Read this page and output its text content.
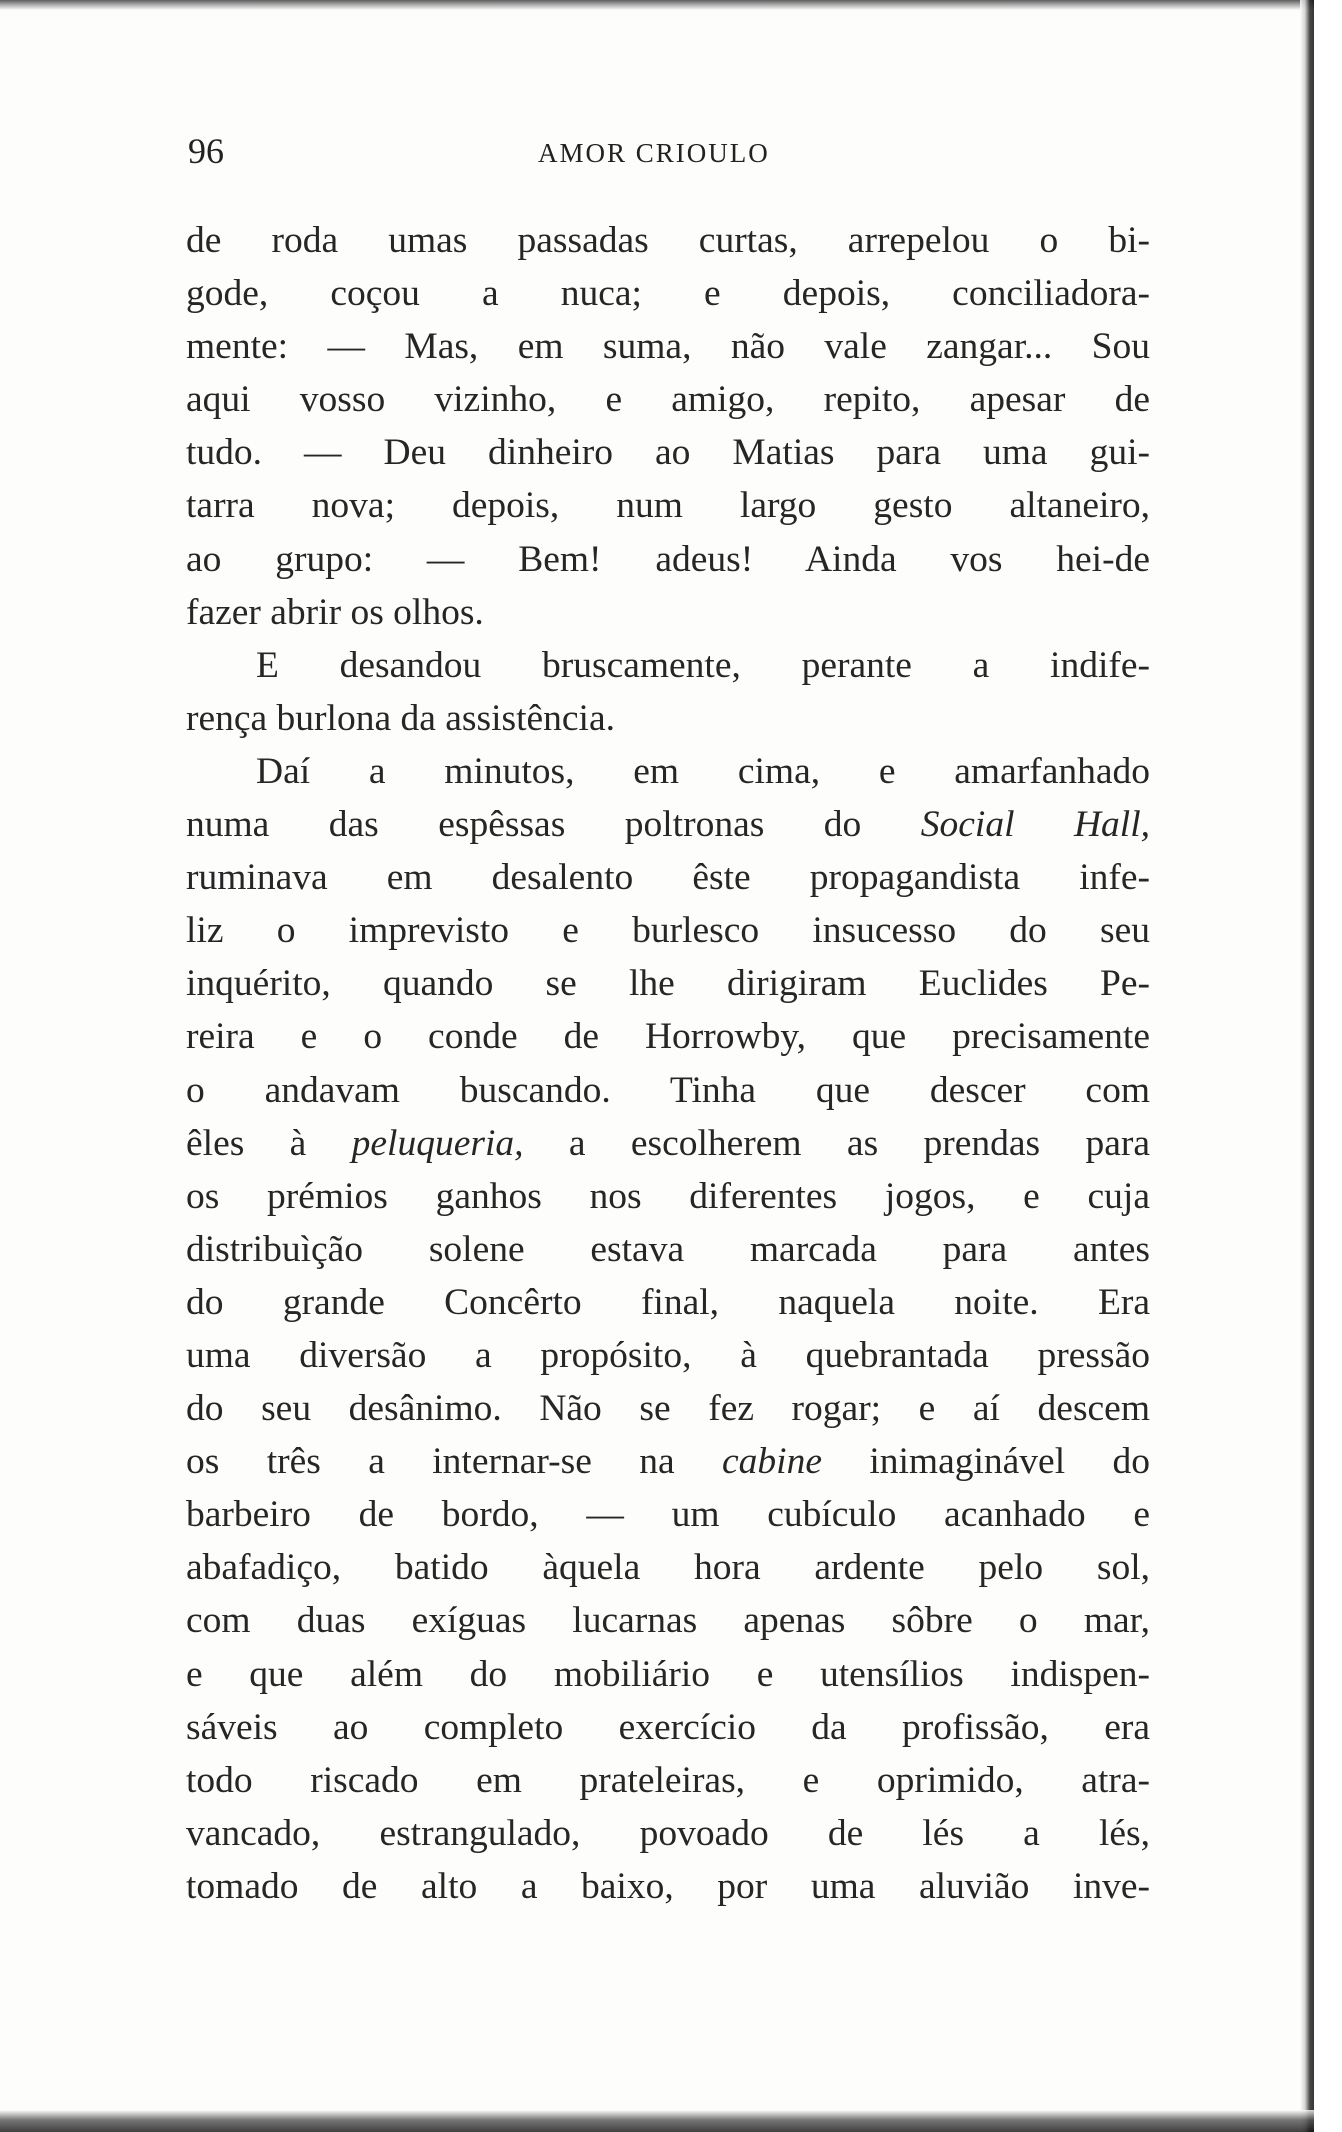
96	AMOR CRIOULO

de roda umas passadas curtas, arrepelou o bi-
gode, coçou a nuca; e depois, conciliadora-
mente: — Mas, em suma, não vale zangar... Sou
aqui vosso vizinho, e amigo, repito, apesar de
tudo. — Deu dinheiro ao Matias para uma gui-
tarra nova; depois, num largo gesto altaneiro,
ao grupo: — Bem! adeus! Ainda vos hei-de
fazer abrir os olhos.

E desandou bruscamente, perante a indife-
rença burlona da assistência.

Daí a minutos, em cima, e amarfanhado
numa das espêssas poltronas do Social Hall,
ruminava em desalento êste propagandista infe-
liz o imprevisto e burlesco insucesso do seu
inquérito, quando se lhe dirigiram Euclides Pe-
reira e o conde de Horrowby, que precisamente
o andavam buscando. Tinha que descer com
êles à peluqueria, a escolherem as prendas para
os prémios ganhos nos diferentes jogos, e cuja
distribuìção solene estava marcada para antes
do grande Concêrto final, naquela noite. Era
uma diversão a propósito, à quebrantada pressão
do seu desânimo. Não se fez rogar; e aí descem
os três a internar-se na cabine inimaginável do
barbeiro de bordo, — um cubículo acanhado e
abafadiço, batido àquela hora ardente pelo sol,
com duas exíguas lucarnas apenas sôbre o mar,
e que além do mobiliário e utensílios indispen-
sáveis ao completo exercício da profissão, era
todo riscado em prateleiras, e oprimido, atra-
vancado, estrangulado, povoado de lés a lés,
tomado de alto a baixo, por uma aluvião inve-
